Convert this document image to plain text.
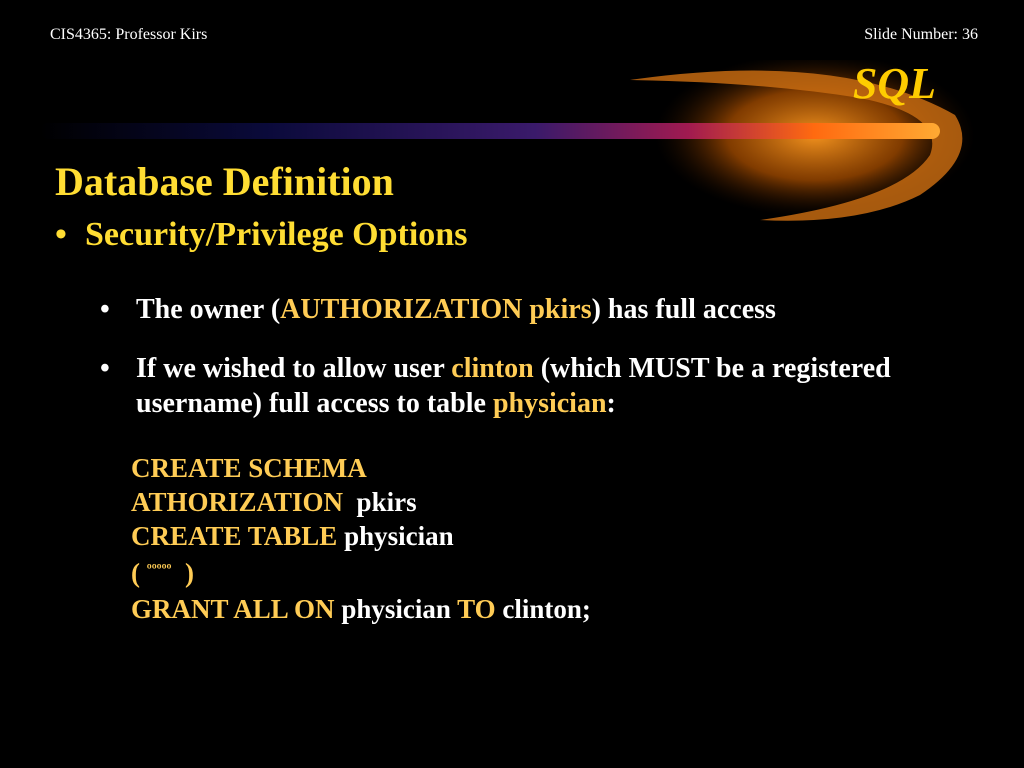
CIS4365: Professor Kirs	Slide Number: 36
SQL
Database Definition
• Security/Privilege Options
• The owner (AUTHORIZATION pkirs) has full access
• If we wished to allow user clinton (which MUST be a registered username) full access to table physician:
CREATE SCHEMA
ATHORIZATION  pkirs
CREATE TABLE physician
( $^{ººººº}$  )
GRANT ALL ON physician TO clinton;
